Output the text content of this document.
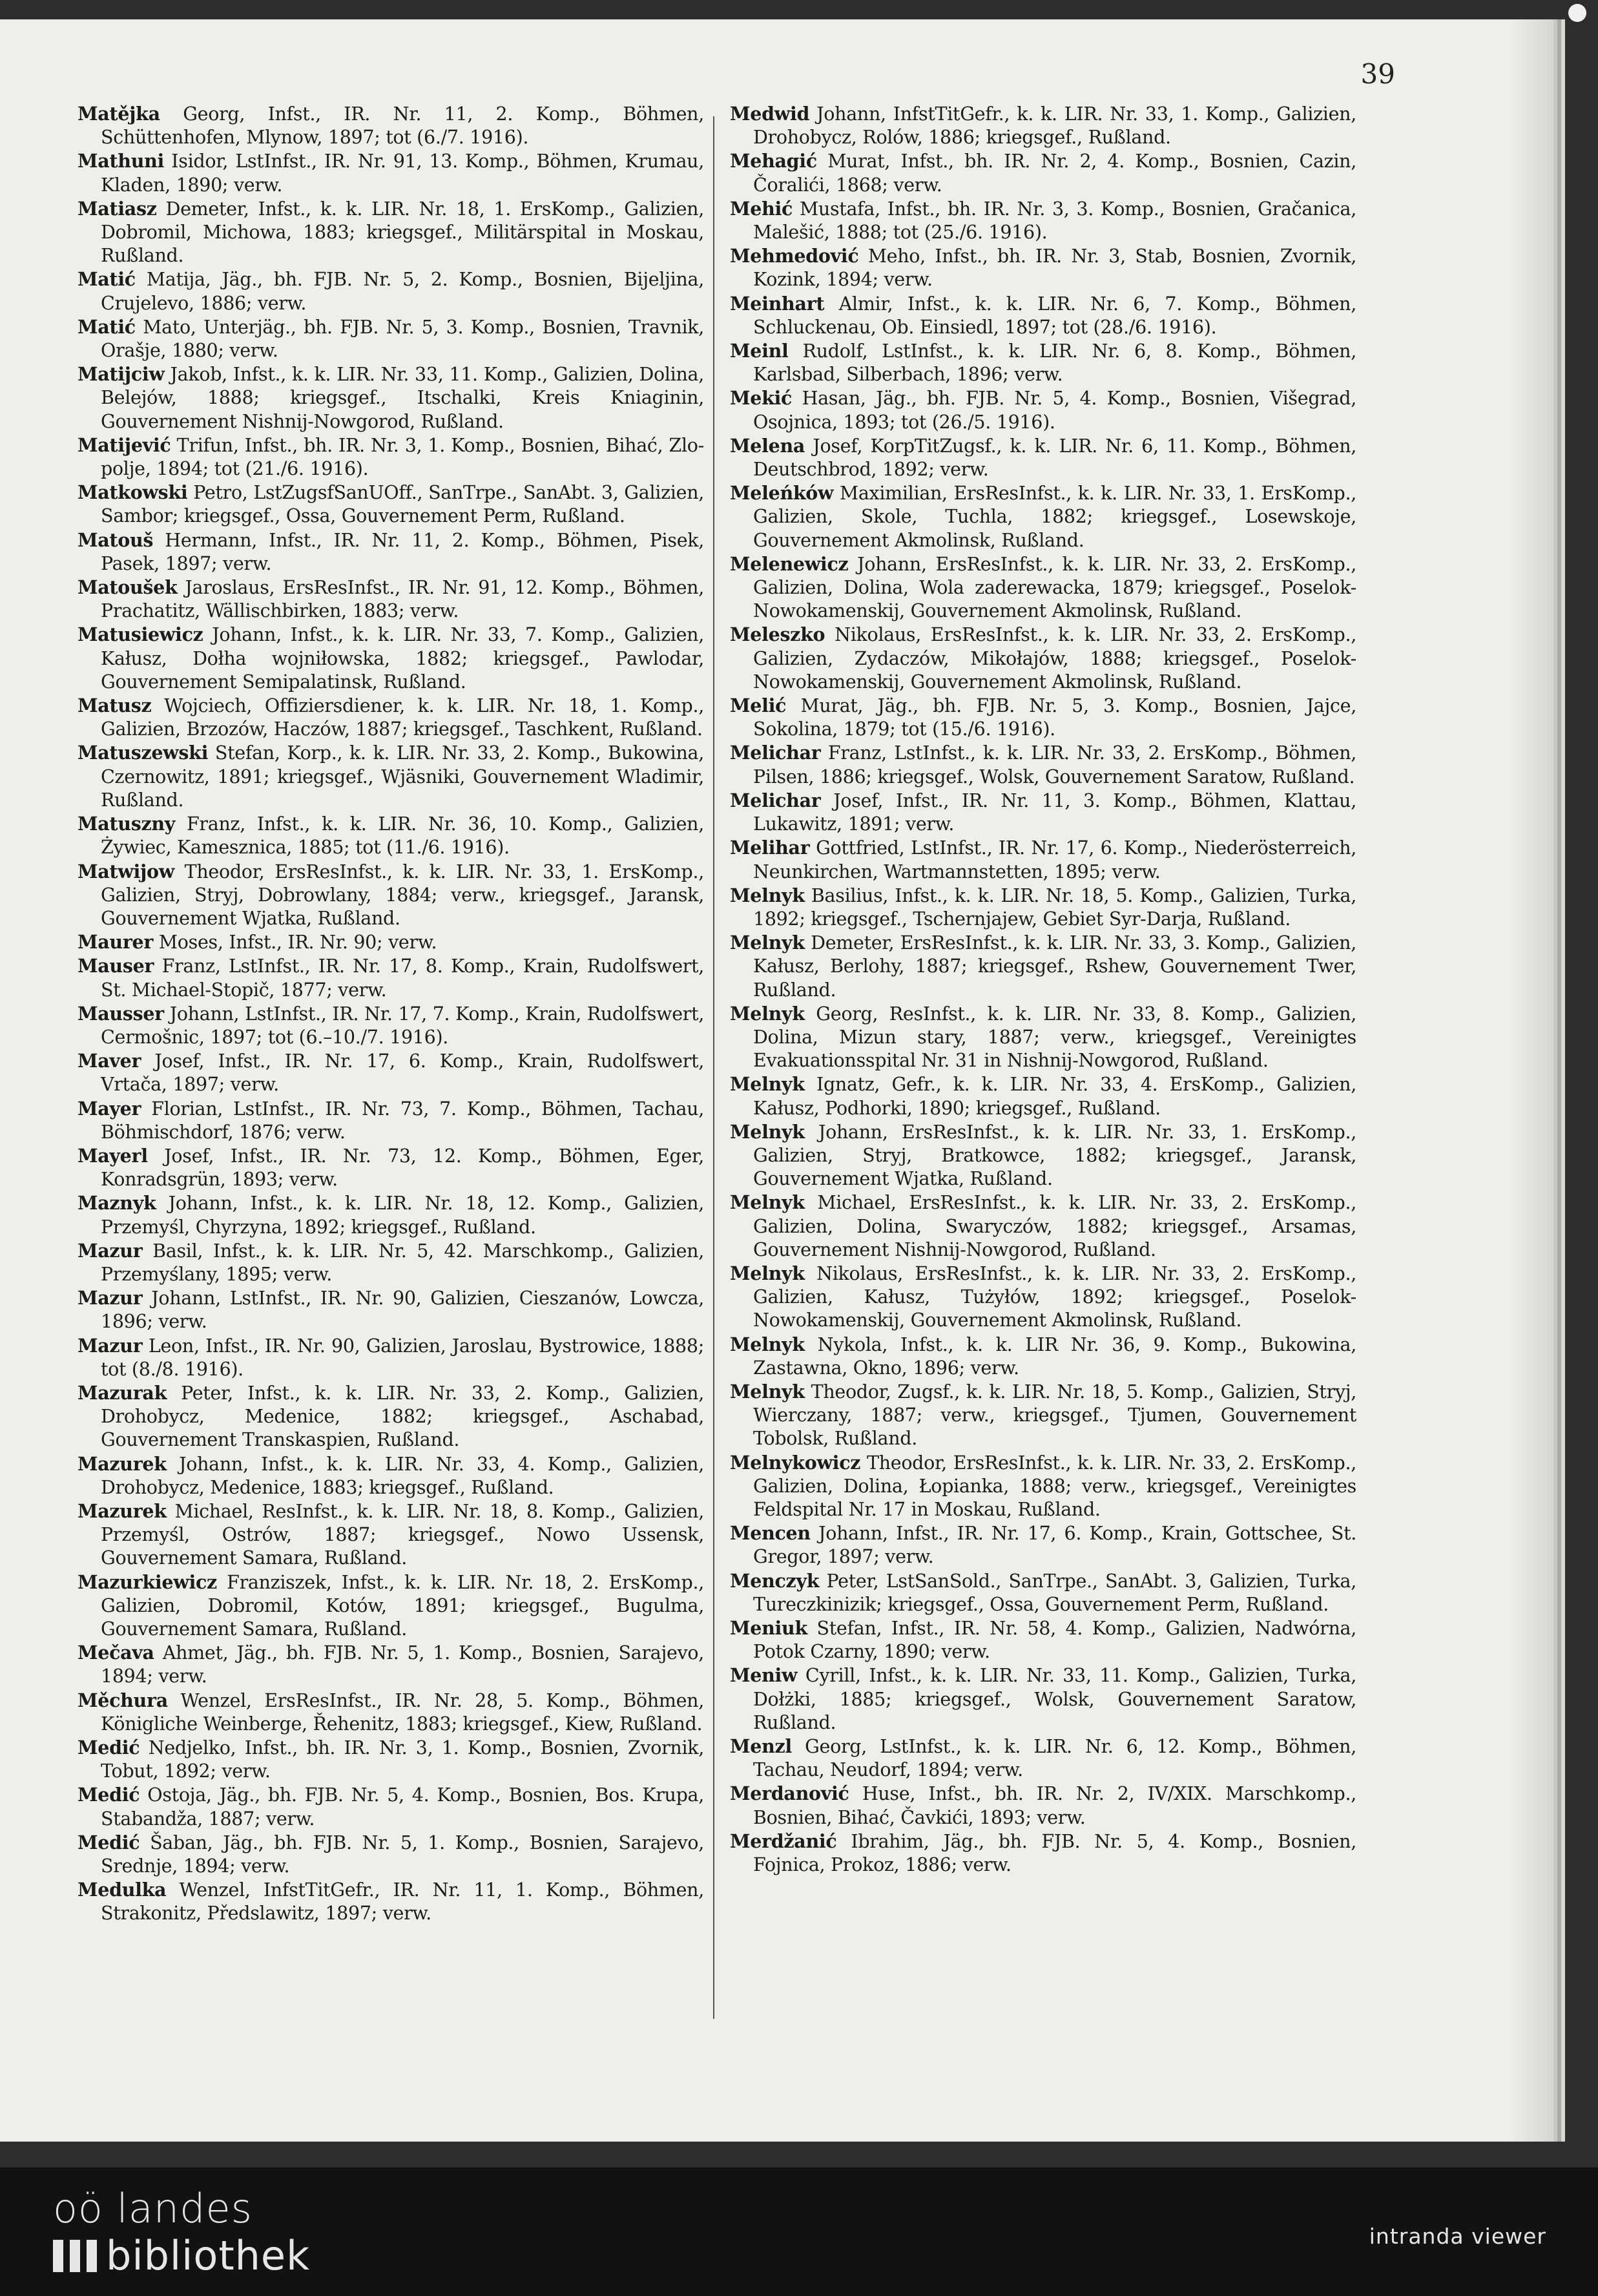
39

Matějka Georg, Infst., IR. Nr. 11, 2. Komp., Böhmen, Schüttenhofen, Mlynow, 1897; tot (6./7. 1916).

Mathuni Isidor, LstInfst., IR. Nr. 91, 13. Komp., Böhmen, Krumau, Kladen, 1890; verw.

Matiasz Demeter, Infst., k. k. LIR. Nr. 18, 1. ErsKomp., Galizien, Dobromil, Michowa, 1883; kriegsgef., Militärspital in Moskau, Rußland.

Matić Matija, Jäg., bh. FJB. Nr. 5, 2. Komp., Bosnien, Bijeljina, Crujelevo, 1886; verw.

Matić Mato, Unterjäg., bh. FJB. Nr. 5, 3. Komp., Bosnien, Travnik, Orašje, 1880; verw.

Matijciw Jakob, Infst., k. k. LIR. Nr. 33, 11. Komp., Galizien, Dolina, Belejów, 1888; kriegsgef., Itschalki, Kreis Kniaginin, Gouvernement Nishnij-Nowgorod, Rußland.

Matijević Trifun, Infst., bh. IR. Nr. 3, 1. Komp., Bosnien, Bihać, Zlo-polje, 1894; tot (21./6. 1916).

Matkowski Petro, LstZugsfSanUOff., SanTrpe., SanAbt. 3, Galizien, Sambor; kriegsgef., Ossa, Gouvernement Perm, Rußland.

Matouš Hermann, Infst., IR. Nr. 11, 2. Komp., Böhmen, Pisek, Pasek, 1897; verw.

Matoušek Jaroslaus, ErsResInfst., IR. Nr. 91, 12. Komp., Böhmen, Prachatitz, Wällischbirken, 1883; verw.

Matusiewicz Johann, Infst., k. k. LIR. Nr. 33, 7. Komp., Galizien, Kałusz, Dołha wojniłowska, 1882; kriegsgef., Pawlodar, Gouvernement Semipalatinsk, Rußland.

Matusz Wojciech, Offiziersdiener, k. k. LIR. Nr. 18, 1. Komp., Galizien, Brzozów, Haczów, 1887; kriegsgef., Taschkent, Rußland.

Matuszewski Stefan, Korp., k. k. LIR. Nr. 33, 2. Komp., Bukowina, Czernowitz, 1891; kriegsgef., Wjäsniki, Gouvernement Wladimir, Rußland.

Matuszny Franz, Infst., k. k. LIR. Nr. 36, 10. Komp., Galizien, Żywiec, Kamesznica, 1885; tot (11./6. 1916).

Matwijow Theodor, ErsResInfst., k. k. LIR. Nr. 33, 1. ErsKomp., Galizien, Stryj, Dobrowlany, 1884; verw., kriegsgef., Jaransk, Gouvernement Wjatka, Rußland.

Maurer Moses, Infst., IR. Nr. 90; verw.

Mauser Franz, LstInfst., IR. Nr. 17, 8. Komp., Krain, Rudolfswert, St. Michael-Stopič, 1877; verw.

Mausser Johann, LstInfst., IR. Nr. 17, 7. Komp., Krain, Rudolfswert, Cermošnic, 1897; tot (6.–10./7. 1916).

Maver Josef, Infst., IR. Nr. 17, 6. Komp., Krain, Rudolfswert, Vrtača, 1897; verw.

Mayer Florian, LstInfst., IR. Nr. 73, 7. Komp., Böhmen, Tachau, Böhmischdorf, 1876; verw.

Mayerl Josef, Infst., IR. Nr. 73, 12. Komp., Böhmen, Eger, Konradsgrün, 1893; verw.

Maznyk Johann, Infst., k. k. LIR. Nr. 18, 12. Komp., Galizien, Przemyśl, Chyrzyna, 1892; kriegsgef., Rußland.

Mazur Basil, Infst., k. k. LIR. Nr. 5, 42. Marschkomp., Galizien, Przemyślany, 1895; verw.

Mazur Johann, LstInfst., IR. Nr. 90, Galizien, Cieszanów, Lowcza, 1896; verw.

Mazur Leon, Infst., IR. Nr. 90, Galizien, Jaroslau, Bystrowice, 1888; tot (8./8. 1916).

Mazurak Peter, Infst., k. k. LIR. Nr. 33, 2. Komp., Galizien, Drohobycz, Medenice, 1882; kriegsgef., Aschabad, Gouvernement Transkaspien, Rußland.

Mazurek Johann, Infst., k. k. LIR. Nr. 33, 4. Komp., Galizien, Drohobycz, Medenice, 1883; kriegsgef., Rußland.

Mazurek Michael, ResInfst., k. k. LIR. Nr. 18, 8. Komp., Galizien, Przemyśl, Ostrów, 1887; kriegsgef., Nowo Ussensk, Gouvernement Samara, Rußland.

Mazurkiewicz Franziszek, Infst., k. k. LIR. Nr. 18, 2. ErsKomp., Galizien, Dobromil, Kotów, 1891; kriegsgef., Bugulma, Gouvernement Samara, Rußland.

Mečava Ahmet, Jäg., bh. FJB. Nr. 5, 1. Komp., Bosnien, Sarajevo, 1894; verw.

Měchura Wenzel, ErsResInfst., IR. Nr. 28, 5. Komp., Böhmen, Königliche Weinberge, Řehenitz, 1883; kriegsgef., Kiew, Rußland.

Medić Nedjelko, Infst., bh. IR. Nr. 3, 1. Komp., Bosnien, Zvornik, Tobut, 1892; verw.

Medić Ostoja, Jäg., bh. FJB. Nr. 5, 4. Komp., Bosnien, Bos. Krupa, Stabandža, 1887; verw.

Medić Šaban, Jäg., bh. FJB. Nr. 5, 1. Komp., Bosnien, Sarajevo, Srednje, 1894; verw.

Medulka Wenzel, InfstTitGefr., IR. Nr. 11, 1. Komp., Böhmen, Strakonitz, Předslawitz, 1897; verw.

Medwid Johann, InfstTitGefr., k. k. LIR. Nr. 33, 1. Komp., Galizien, Drohobycz, Rolów, 1886; kriegsgef., Rußland.

Mehagić Murat, Infst., bh. IR. Nr. 2, 4. Komp., Bosnien, Cazin, Čoralići, 1868; verw.

Mehić Mustafa, Infst., bh. IR. Nr. 3, 3. Komp., Bosnien, Gračanica, Malešić, 1888; tot (25./6. 1916).

Mehmedović Meho, Infst., bh. IR. Nr. 3, Stab, Bosnien, Zvornik, Kozink, 1894; verw.

Meinhart Almir, Infst., k. k. LIR. Nr. 6, 7. Komp., Böhmen, Schluckenau, Ob. Einsiedl, 1897; tot (28./6. 1916).

Meinl Rudolf, LstInfst., k. k. LIR. Nr. 6, 8. Komp., Böhmen, Karlsbad, Silberbach, 1896; verw.

Mekić Hasan, Jäg., bh. FJB. Nr. 5, 4. Komp., Bosnien, Višegrad, Osojnica, 1893; tot (26./5. 1916).

Melena Josef, KorpTitZugsf., k. k. LIR. Nr. 6, 11. Komp., Böhmen, Deutschbrod, 1892; verw.

Meleńków Maximilian, ErsResInfst., k. k. LIR. Nr. 33, 1. ErsKomp., Galizien, Skole, Tuchla, 1882; kriegsgef., Losewskoje, Gouvernement Akmolinsk, Rußland.

Melenewicz Johann, ErsResInfst., k. k. LIR. Nr. 33, 2. ErsKomp., Galizien, Dolina, Wola zaderewacka, 1879; kriegsgef., Poselok-Nowokamenskij, Gouvernement Akmolinsk, Rußland.

Meleszko Nikolaus, ErsResInfst., k. k. LIR. Nr. 33, 2. ErsKomp., Galizien, Zydaczów, Mikołajów, 1888; kriegsgef., Poselok-Nowokamenskij, Gouvernement Akmolinsk, Rußland.

Melić Murat, Jäg., bh. FJB. Nr. 5, 3. Komp., Bosnien, Jajce, Sokolina, 1879; tot (15./6. 1916).

Melichar Franz, LstInfst., k. k. LIR. Nr. 33, 2. ErsKomp., Böhmen, Pilsen, 1886; kriegsgef., Wolsk, Gouvernement Saratow, Rußland.

Melichar Josef, Infst., IR. Nr. 11, 3. Komp., Böhmen, Klattau, Lukawitz, 1891; verw.

Melihar Gottfried, LstInfst., IR. Nr. 17, 6. Komp., Niederösterreich, Neunkirchen, Wartmannstetten, 1895; verw.

Melnyk Basilius, Infst., k. k. LIR. Nr. 18, 5. Komp., Galizien, Turka, 1892; kriegsgef., Tschernjajew, Gebiet Syr-Darja, Rußland.

Melnyk Demeter, ErsResInfst., k. k. LIR. Nr. 33, 3. Komp., Galizien, Kałusz, Berlohy, 1887; kriegsgef., Rshew, Gouvernement Twer, Rußland.

Melnyk Georg, ResInfst., k. k. LIR. Nr. 33, 8. Komp., Galizien, Dolina, Mizun stary, 1887; verw., kriegsgef., Vereinigtes Evakuationsspital Nr. 31 in Nishnij-Nowgorod, Rußland.

Melnyk Ignatz, Gefr., k. k. LIR. Nr. 33, 4. ErsKomp., Galizien, Kałusz, Podhorki, 1890; kriegsgef., Rußland.

Melnyk Johann, ErsResInfst., k. k. LIR. Nr. 33, 1. ErsKomp., Galizien, Stryj, Bratkowce, 1882; kriegsgef., Jaransk, Gouvernement Wjatka, Rußland.

Melnyk Michael, ErsResInfst., k. k. LIR. Nr. 33, 2. ErsKomp., Galizien, Dolina, Swaryczów, 1882; kriegsgef., Arsamas, Gouvernement Nishnij-Nowgorod, Rußland.

Melnyk Nikolaus, ErsResInfst., k. k. LIR. Nr. 33, 2. ErsKomp., Galizien, Kałusz, Tużyłów, 1892; kriegsgef., Poselok-Nowokamenskij, Gouvernement Akmolinsk, Rußland.

Melnyk Nykola, Infst., k. k. LIR Nr. 36, 9. Komp., Bukowina, Zastawna, Okno, 1896; verw.

Melnyk Theodor, Zugsf., k. k. LIR. Nr. 18, 5. Komp., Galizien, Stryj, Wierczany, 1887; verw., kriegsgef., Tjumen, Gouvernement Tobolsk, Rußland.

Melnykowicz Theodor, ErsResInfst., k. k. LIR. Nr. 33, 2. ErsKomp., Galizien, Dolina, Łopianka, 1888; verw., kriegsgef., Vereinigtes Feldspital Nr. 17 in Moskau, Rußland.

Mencen Johann, Infst., IR. Nr. 17, 6. Komp., Krain, Gottschee, St. Gregor, 1897; verw.

Menczyk Peter, LstSanSold., SanTrpe., SanAbt. 3, Galizien, Turka, Tureczkinizik; kriegsgef., Ossa, Gouvernement Perm, Rußland.

Meniuk Stefan, Infst., IR. Nr. 58, 4. Komp., Galizien, Nadwórna, Potok Czarny, 1890; verw.

Meniw Cyrill, Infst., k. k. LIR. Nr. 33, 11. Komp., Galizien, Turka, Dołżki, 1885; kriegsgef., Wolsk, Gouvernement Saratow, Rußland.

Menzl Georg, LstInfst., k. k. LIR. Nr. 6, 12. Komp., Böhmen, Tachau, Neudorf, 1894; verw.

Merdanović Huse, Infst., bh. IR. Nr. 2, IV/XIX. Marschkomp., Bosnien, Bihać, Čavkići, 1893; verw.

Merdžanić Ibrahim, Jäg., bh. FJB. Nr. 5, 4. Komp., Bosnien, Fojnica, Prokoz, 1886; verw.

oö landes
bibliothek	intranda viewer
